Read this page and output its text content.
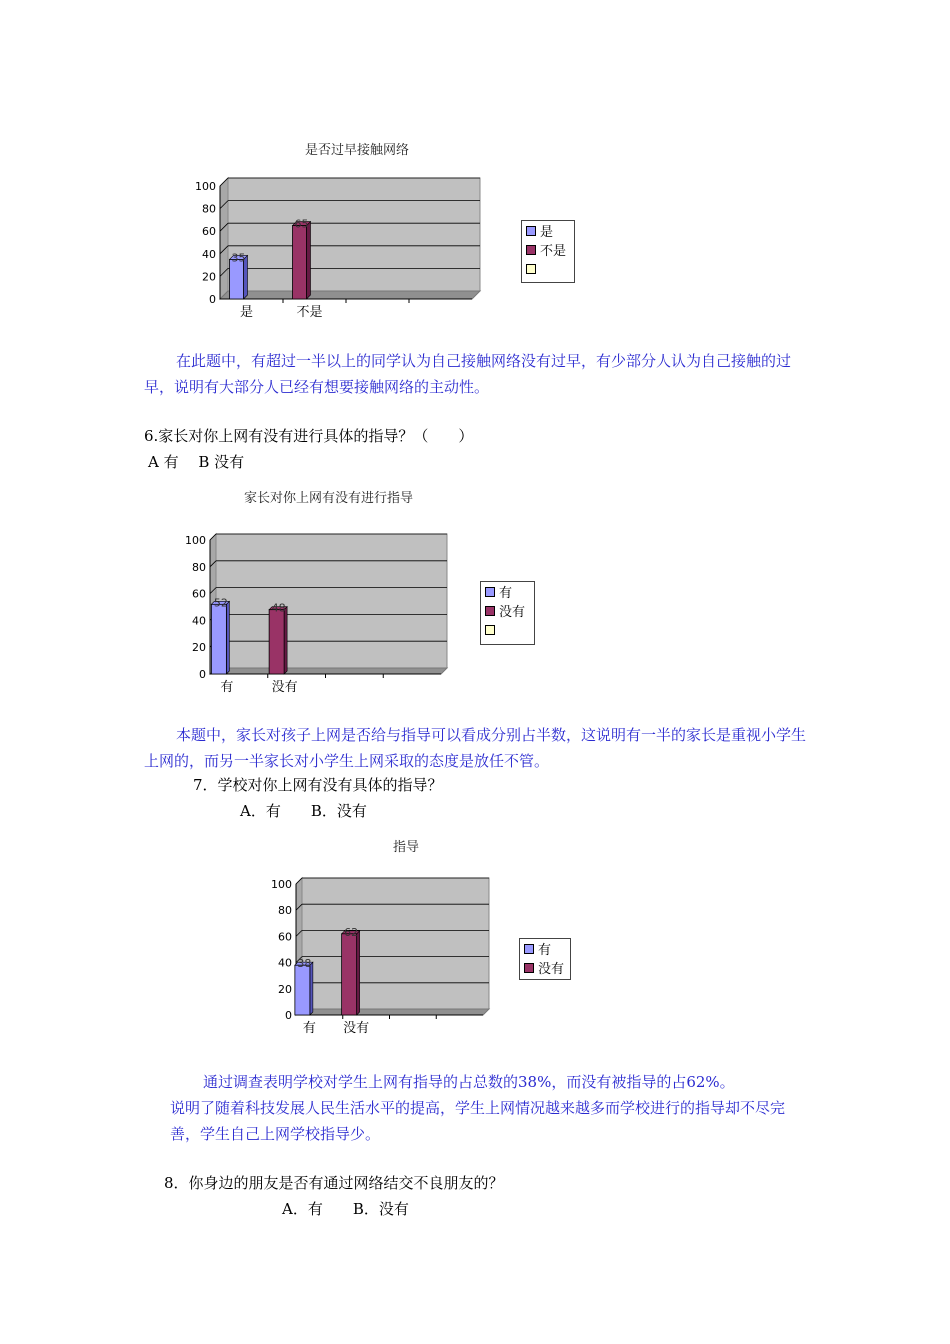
是否过早接触网络
100
80
60
40
20
0
35
65
是	不是
是
不是
在此题中，有超过一半以上的同学认为自己接触网络没有过早，有少部分人认为自己接触的过早，说明有大部分人已经有想要接触网络的主动性。
6.家长对你上网有没有进行具体的指导？（　　）
A 有　 B 没有
家长对你上网有没有进行指导
100
80
60
40
20
0
52	48
有	没有
有
没有
本题中，家长对孩子上网是否给与指导可以看成分别占半数，这说明有一半的家长是重视小学生上网的，而另一半家长对小学生上网采取的态度是放任不管。
7．学校对你上网有没有具体的指导？
A．有　　B．没有
指导
100
80
60
40
20
0
38
62
有 没有
有
没有
通过调查表明学校对学生上网有指导的占总数的38%，而没有被指导的占62%。
说明了随着科技发展人民生活水平的提高，学生上网情况越来越多而学校进行的指导却不尽完善，学生自己上网学校指导少。
8．你身边的朋友是否有通过网络结交不良朋友的？
A．有　　B．没有
